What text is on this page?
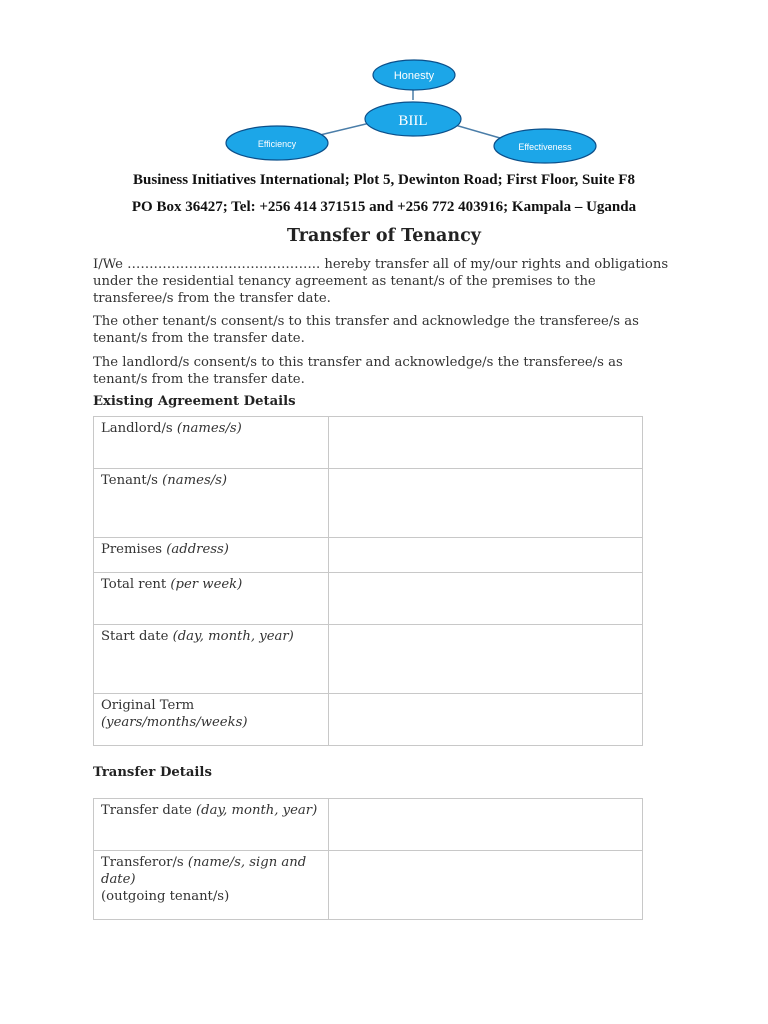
Honesty
BIIL
Efficiency	Effectiveness
Business Initiatives International; Plot 5, Dewinton Road; First Floor, Suite F8
PO Box 36427; Tel: +256 414 371515 and +256 772 403916; Kampala – Uganda
Transfer of Tenancy

I/We …………………………………….. hereby transfer all of my/our rights and obligations under the residential tenancy agreement as tenant/s of the premises to the transferee/s from the transfer date.

The other tenant/s consent/s to this transfer and acknowledge the transferee/s as tenant/s from the transfer date.

The landlord/s consent/s to this transfer and acknowledge/s the transferee/s as tenant/s from the transfer date.

Existing Agreement Details
Landlord/s (names/s)	
Tenant/s (names/s)	
Premises (address)	
Total rent (per week)	
Start date (day, month, year)	
Original Term
(years/months/weeks)	
Transfer Details
Transfer date (day, month, year)	
Transferor/s (name/s, sign and date)
(outgoing tenant/s)	
